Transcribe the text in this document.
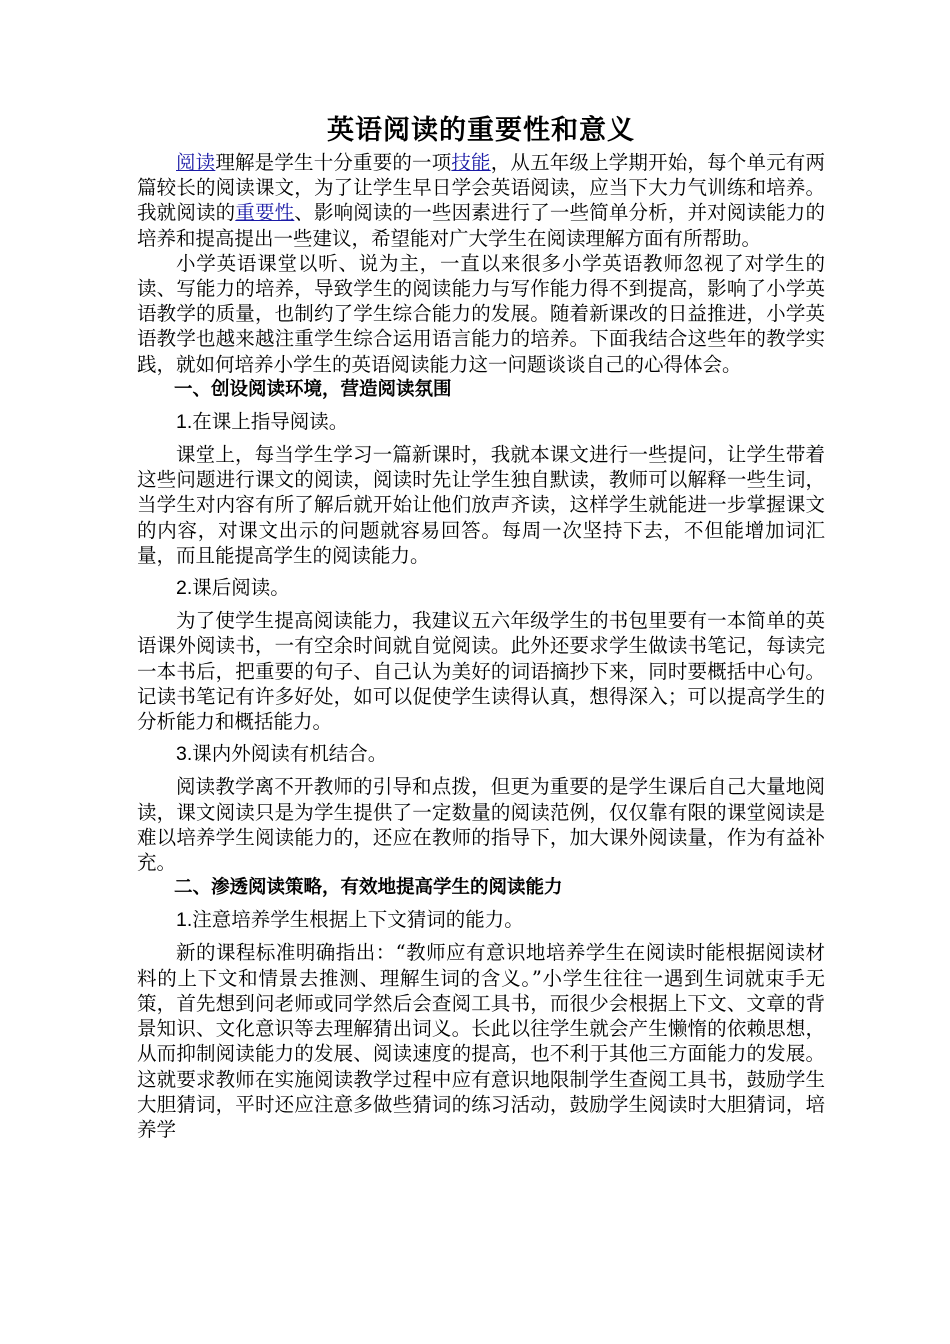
英语阅读的重要性和意义

阅读理解是学生十分重要的一项技能，从五年级上学期开始，每个单元有两篇较长的阅读课文，为了让学生早日学会英语阅读，应当下大力气训练和培养。我就阅读的重要性、影响阅读的一些因素进行了一些简单分析，并对阅读能力的培养和提高提出一些建议，希望能对广大学生在阅读理解方面有所帮助。

小学英语课堂以听、说为主，一直以来很多小学英语教师忽视了对学生的读、写能力的培养，导致学生的阅读能力与写作能力得不到提高，影响了小学英语教学的质量，也制约了学生综合能力的发展。随着新课改的日益推进，小学英语教学也越来越注重学生综合运用语言能力的培养。下面我结合这些年的教学实践，就如何培养小学生的英语阅读能力这一问题谈谈自己的心得体会。

一、创设阅读环境，营造阅读氛围

1.在课上指导阅读。

课堂上，每当学生学习一篇新课时，我就本课文进行一些提问，让学生带着这些问题进行课文的阅读，阅读时先让学生独自默读，教师可以解释一些生词，当学生对内容有所了解后就开始让他们放声齐读，这样学生就能进一步掌握课文的内容，对课文出示的问题就容易回答。每周一次坚持下去，不但能增加词汇量，而且能提高学生的阅读能力。

2.课后阅读。

为了使学生提高阅读能力，我建议五六年级学生的书包里要有一本简单的英语课外阅读书，一有空余时间就自觉阅读。此外还要求学生做读书笔记，每读完一本书后，把重要的句子、自己认为美好的词语摘抄下来，同时要概括中心句。记读书笔记有许多好处，如可以促使学生读得认真，想得深入；可以提高学生的分析能力和概括能力。

3.课内外阅读有机结合。

阅读教学离不开教师的引导和点拨，但更为重要的是学生课后自己大量地阅读，课文阅读只是为学生提供了一定数量的阅读范例，仅仅靠有限的课堂阅读是难以培养学生阅读能力的，还应在教师的指导下，加大课外阅读量，作为有益补充。

二、渗透阅读策略，有效地提高学生的阅读能力

1.注意培养学生根据上下文猜词的能力。

新的课程标准明确指出：“教师应有意识地培养学生在阅读时能根据阅读材料的上下文和情景去推测、理解生词的含义。”小学生往往一遇到生词就束手无策，首先想到问老师或同学然后会查阅工具书，而很少会根据上下文、文章的背景知识、文化意识等去理解猜出词义。长此以往学生就会产生懒惰的依赖思想，从而抑制阅读能力的发展、阅读速度的提高，也不利于其他三方面能力的发展。这就要求教师在实施阅读教学过程中应有意识地限制学生查阅工具书，鼓励学生大胆猜词，平时还应注意多做些猜词的练习活动，鼓励学生阅读时大胆猜词，培养学
